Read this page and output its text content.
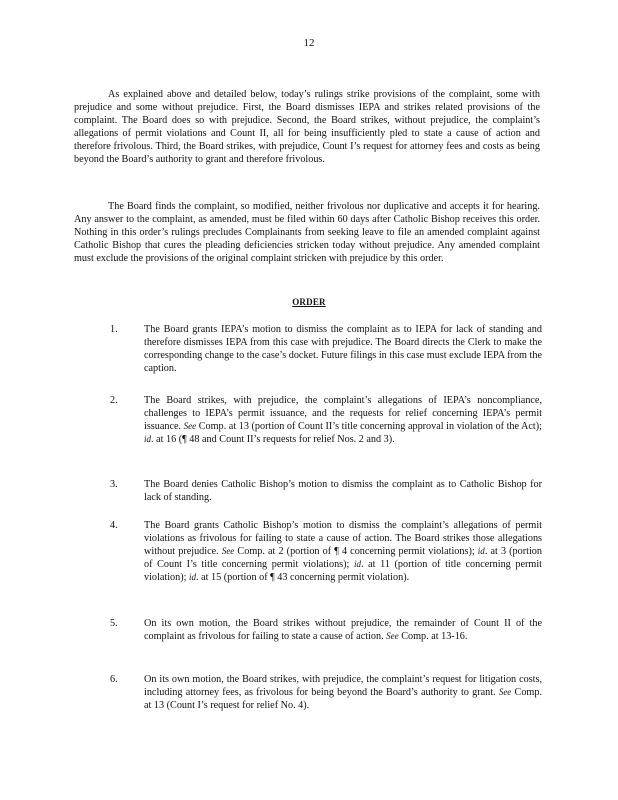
12
As explained above and detailed below, today’s rulings strike provisions of the complaint, some with prejudice and some without prejudice. First, the Board dismisses IEPA and strikes related provisions of the complaint. The Board does so with prejudice. Second, the Board strikes, without prejudice, the complaint’s allegations of permit violations and Count II, all for being insufficiently pled to state a cause of action and therefore frivolous. Third, the Board strikes, with prejudice, Count I’s request for attorney fees and costs as being beyond the Board’s authority to grant and therefore frivolous.
The Board finds the complaint, so modified, neither frivolous nor duplicative and accepts it for hearing. Any answer to the complaint, as amended, must be filed within 60 days after Catholic Bishop receives this order. Nothing in this order’s rulings precludes Complainants from seeking leave to file an amended complaint against Catholic Bishop that cures the pleading deficiencies stricken today without prejudice. Any amended complaint must exclude the provisions of the original complaint stricken with prejudice by this order.
ORDER
1.	The Board grants IEPA’s motion to dismiss the complaint as to IEPA for lack of standing and therefore dismisses IEPA from this case with prejudice. The Board directs the Clerk to make the corresponding change to the case’s docket. Future filings in this case must exclude IEPA from the caption.
2.	The Board strikes, with prejudice, the complaint’s allegations of IEPA’s noncompliance, challenges to IEPA’s permit issuance, and the requests for relief concerning IEPA’s permit issuance. See Comp. at 13 (portion of Count II’s title concerning approval in violation of the Act); id. at 16 (¶ 48 and Count II’s requests for relief Nos. 2 and 3).
3.	The Board denies Catholic Bishop’s motion to dismiss the complaint as to Catholic Bishop for lack of standing.
4.	The Board grants Catholic Bishop’s motion to dismiss the complaint’s allegations of permit violations as frivolous for failing to state a cause of action. The Board strikes those allegations without prejudice. See Comp. at 2 (portion of ¶ 4 concerning permit violations); id. at 3 (portion of Count I’s title concerning permit violations); id. at 11 (portion of title concerning permit violation); id. at 15 (portion of ¶ 43 concerning permit violation).
5.	On its own motion, the Board strikes without prejudice, the remainder of Count II of the complaint as frivolous for failing to state a cause of action. See Comp. at 13-16.
6.	On its own motion, the Board strikes, with prejudice, the complaint’s request for litigation costs, including attorney fees, as frivolous for being beyond the Board’s authority to grant. See Comp. at 13 (Count I’s request for relief No. 4).
